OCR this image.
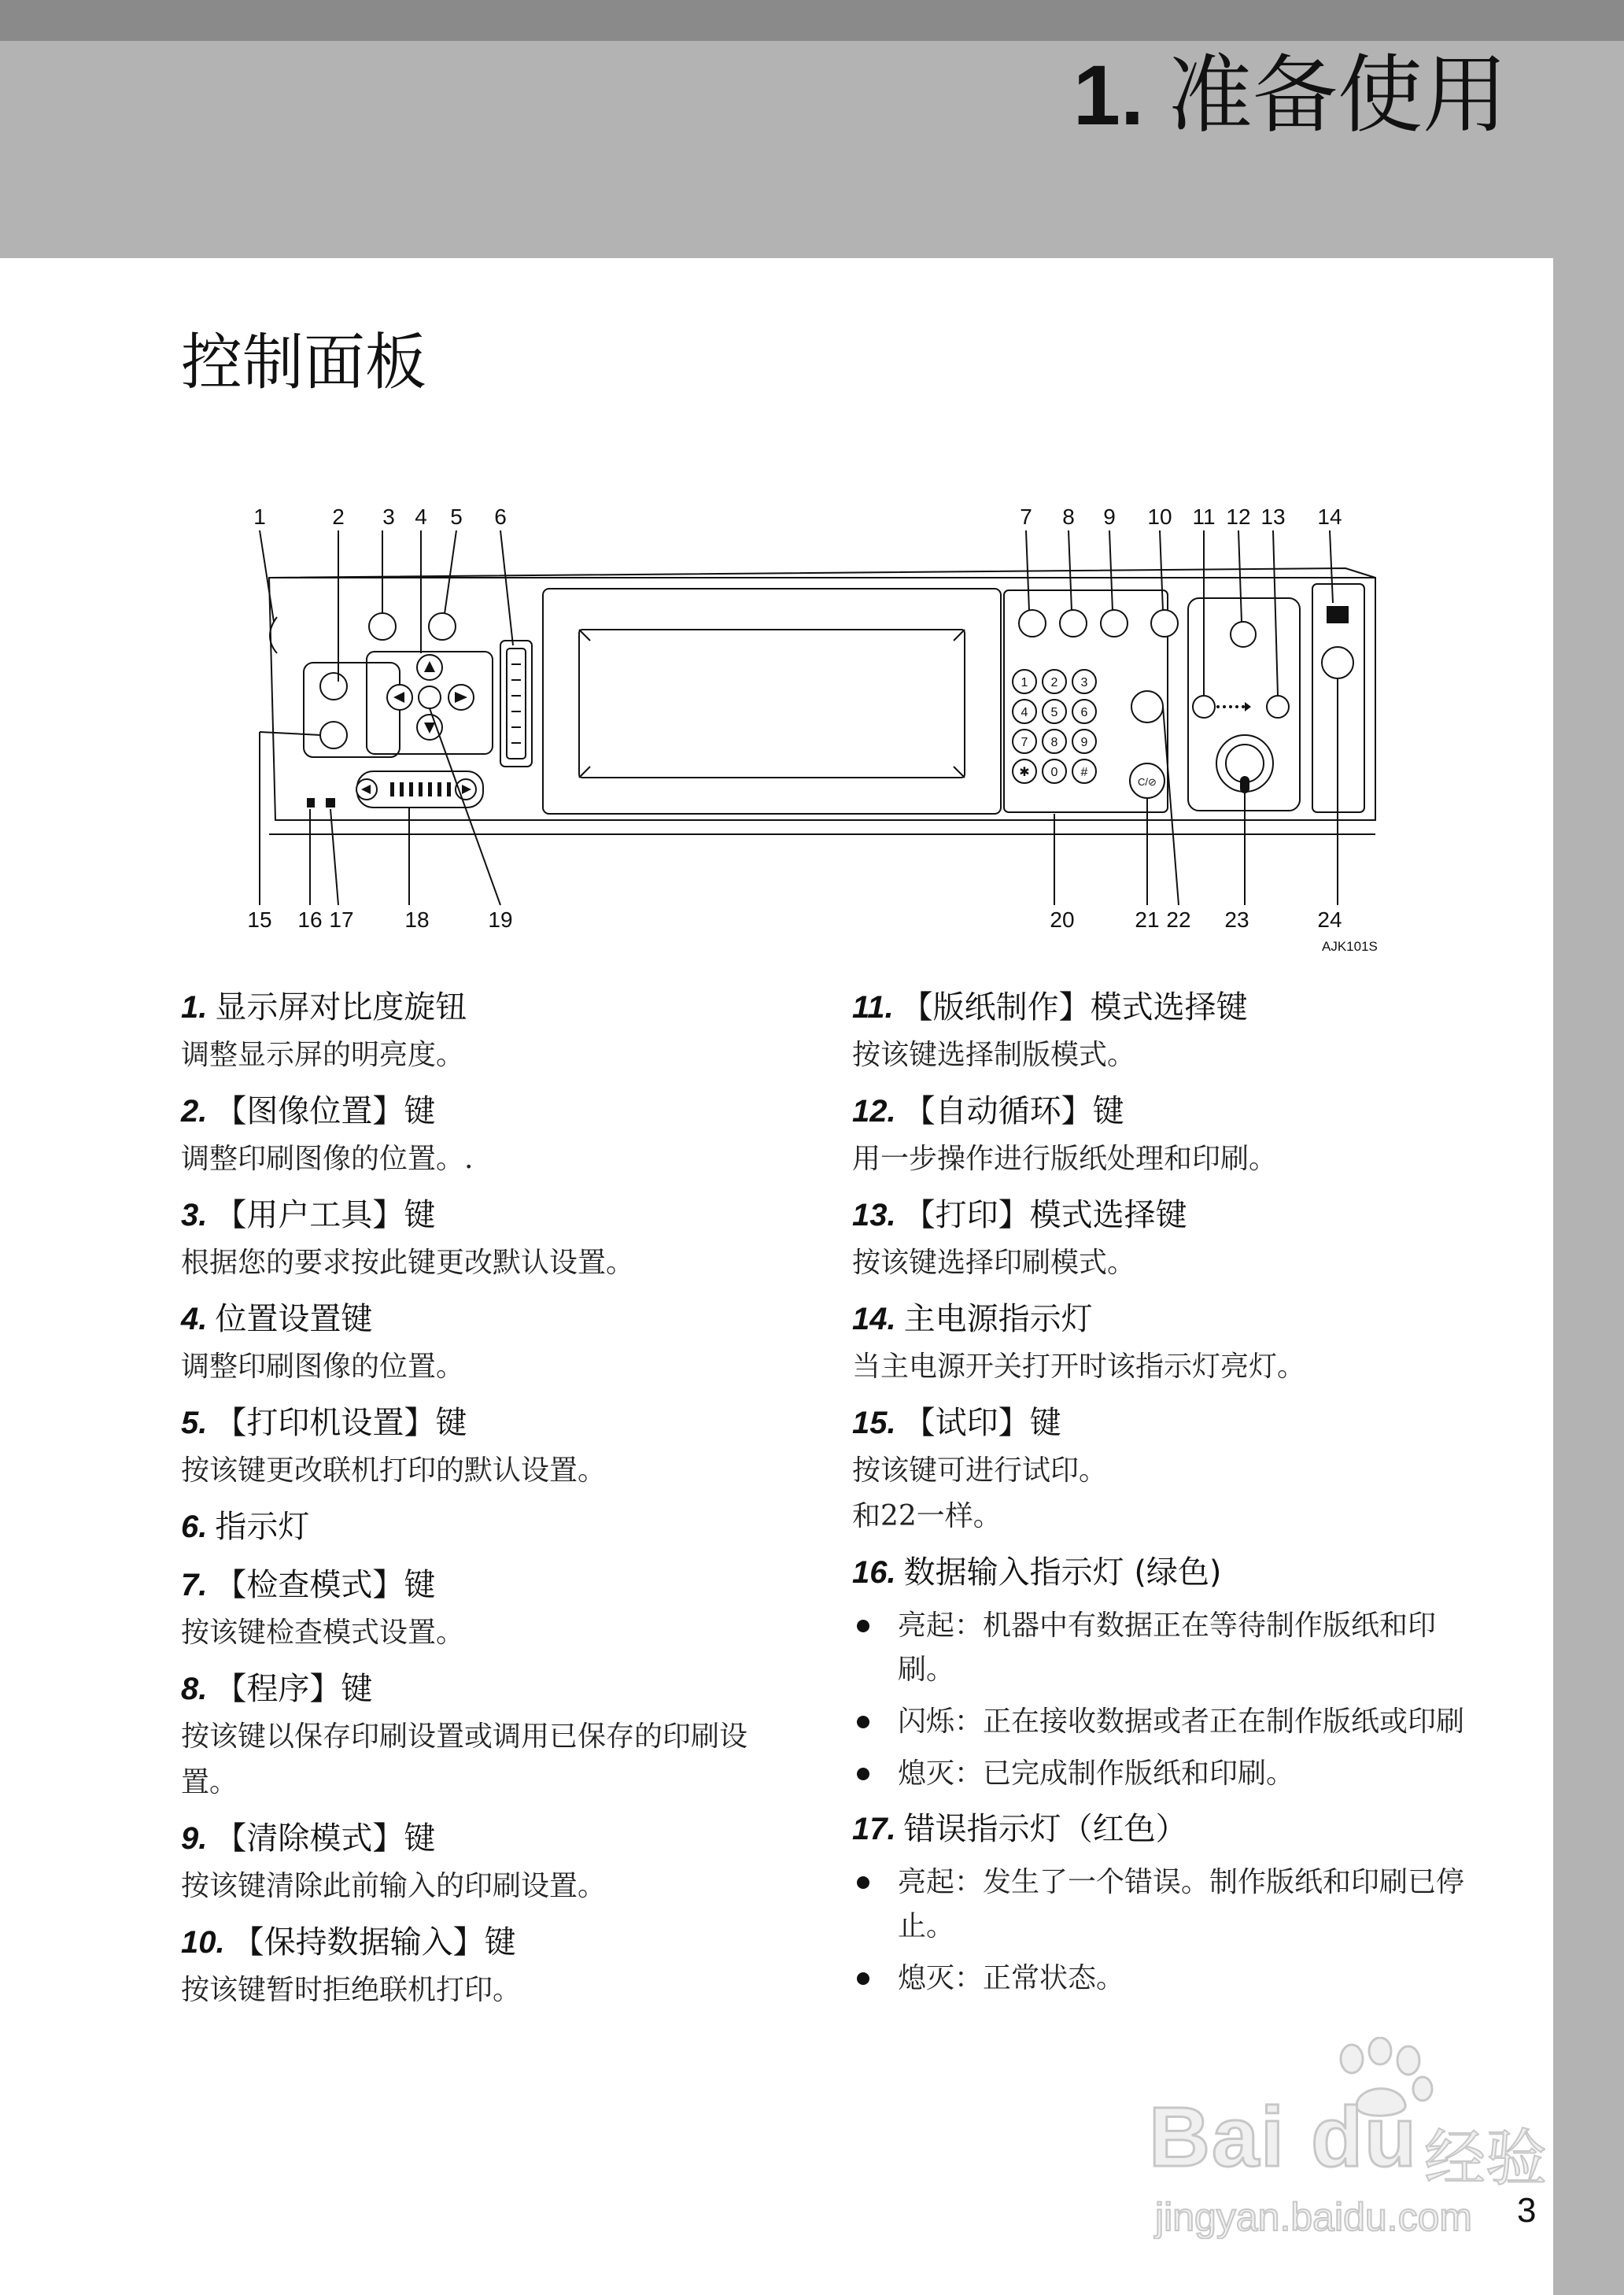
1. 准备使用
控制面板
1 2 3
4 5 6
7 8 9
✱ 0 #
C/⊘
1	2 3 4 5 6	7 8 9 10 11 12 13 14
15 16 17 18	19	20	21 22 23	24
AJK101S
1. 显示屏对比度旋钮
调整显示屏的明亮度。
2. 【图像位置】键
调整印刷图像的位置。.
3. 【用户工具】键
根据您的要求按此键更改默认设置。
4. 位置设置键
调整印刷图像的位置。
5. 【打印机设置】键
按该键更改联机打印的默认设置。
6. 指示灯
7. 【检查模式】键
按该键检查模式设置。
8. 【程序】键
按该键以保存印刷设置或调用已保存的印刷设置。
9. 【清除模式】键
按该键清除此前输入的印刷设置。
10. 【保持数据输入】键
按该键暂时拒绝联机打印。
11. 【版纸制作】模式选择键
按该键选择制版模式。
12. 【自动循环】键
用一步操作进行版纸处理和印刷。
13. 【打印】模式选择键
按该键选择印刷模式。
14. 主电源指示灯
当主电源开关打开时该指示灯亮灯。
15. 【试印】键
按该键可进行试印。
和22一样。
16. 数据输入指示灯 (绿色)
亮起：机器中有数据正在等待制作版纸和印刷。
闪烁：正在接收数据或者正在制作版纸或印刷
熄灭：已完成制作版纸和印刷。
17. 错误指示灯（红色）
亮起：发生了一个错误。制作版纸和印刷已停止。
熄灭：正常状态。
Bai du 经验
jingyan.baidu.com 3
